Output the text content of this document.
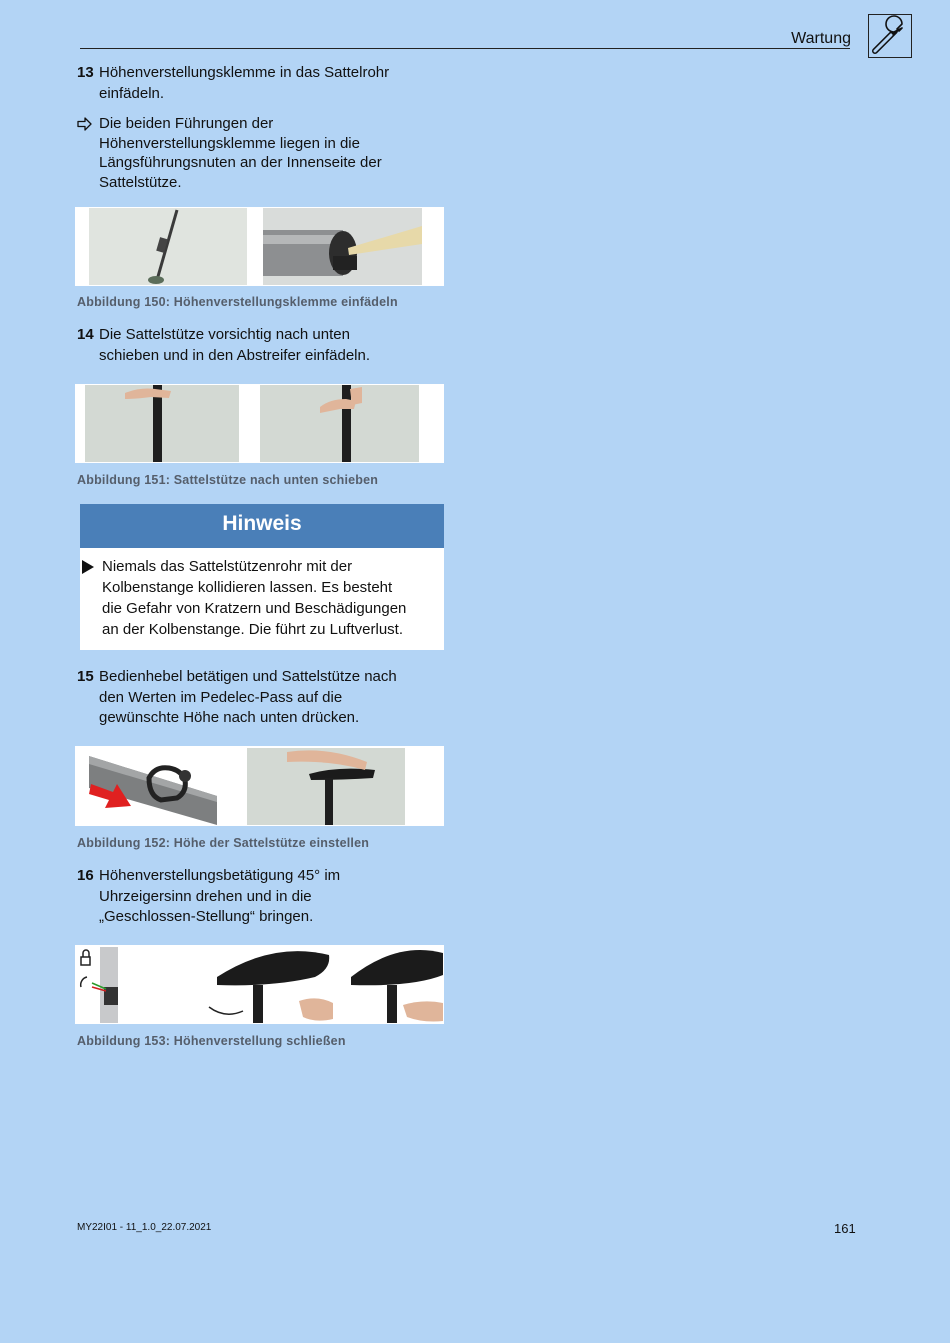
Wartung
13 Höhenverstellungsklemme in das Sattelrohr
einfädeln.
Die beiden Führungen der
Höhenverstellungsklemme liegen in die
Längsführungsnuten an der Innenseite der
Sattelstütze.
Abbildung 150: Höhenverstellungsklemme einfädeln
14 Die Sattelstütze vorsichtig nach unten
schieben und in den Abstreifer einfädeln.
Abbildung 151: Sattelstütze nach unten schieben
Hinweis
Niemals das Sattelstützenrohr mit der
Kolbenstange kollidieren lassen. Es besteht
die Gefahr von Kratzern und Beschädigungen
an der Kolbenstange. Die führt zu Luftverlust.
15 Bedienhebel betätigen und Sattelstütze nach
den Werten im Pedelec-Pass auf die
gewünschte Höhe nach unten drücken.
Abbildung 152: Höhe der Sattelstütze einstellen
16 Höhenverstellungsbetätigung 45° im
Uhrzeigersinn drehen und in die
„Geschlossen-Stellung“ bringen.
Abbildung 153: Höhenverstellung schließen
MY22I01 - 11_1.0_22.07.2021	161
